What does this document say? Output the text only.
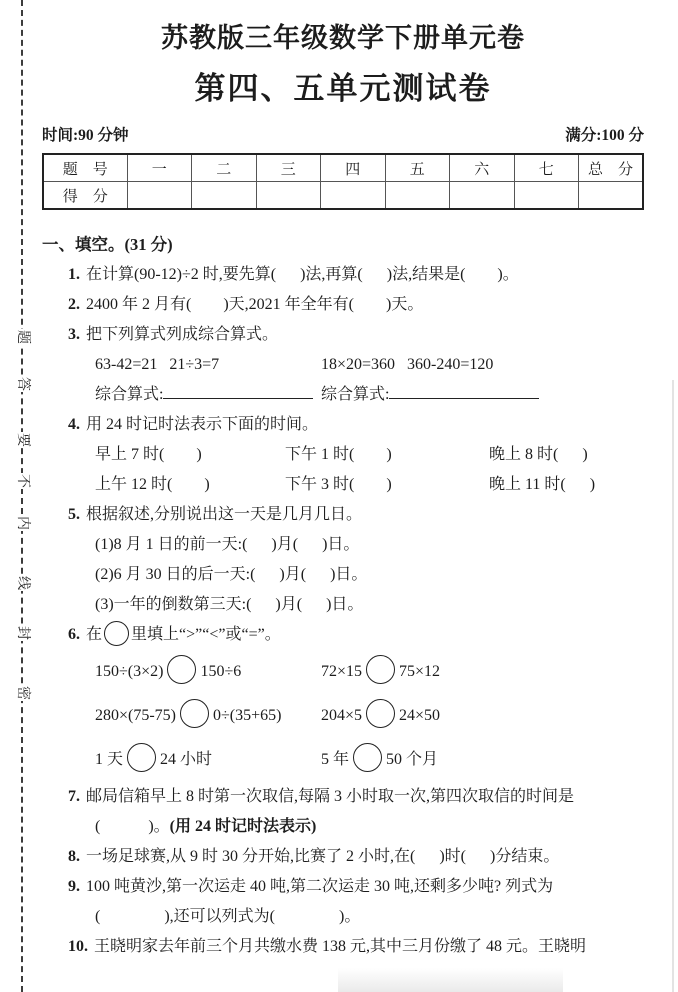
题
答
要
不
内
线
封
密
苏教版三年级数学下册单元卷
第四、五单元测试卷
时间:90 分钟	满分:100 分
题　号	一	二	三	四	五	六	七	总　分
得　分								
一、填空。(31 分)

1. 在计算(90-12)÷2 时,要先算(      )法,再算(      )法,结果是(        )。

2. 2400 年 2 月有(        )天,2021 年全年有(        )天。

3. 把下列算式列成综合算式。

63-42=21   21÷3=7	18×20=360   360-240=120
综合算式:	综合算式:

4. 用 24 时记时法表示下面的时间。

早上 7 时(        )	下午 1 时(        )	晚上 8 时(      )
上午 12 时(        )	下午 3 时(        )	晚上 11 时(      )

5. 根据叙述,分别说出这一天是几月几日。

(1)8 月 1 日的前一天:(      )月(      )日。
(2)6 月 30 日的后一天:(      )月(      )日。
(3)一年的倒数第三天:(      )月(      )日。

6. 在 里填上“>”“<”或“=”。

150÷(3×2) 150÷6	72×15 75×12
280×(75-75) 0÷(35+65)	204×5 24×50
1 天 24 小时	5 年 50 个月

7. 邮局信箱早上 8 时第一次取信,每隔 3 小时取一次,第四次取信的时间是

(            )。(用 24 时记时法表示)

8. 一场足球赛,从 9 时 30 分开始,比赛了 2 小时,在(      )时(      )分结束。

9. 100 吨黄沙,第一次运走 40 吨,第二次运走 30 吨,还剩多少吨? 列式为

(                ),还可以列式为(                )。

10. 王晓明家去年前三个月共缴水费 138 元,其中三月份缴了 48 元。王晓明
